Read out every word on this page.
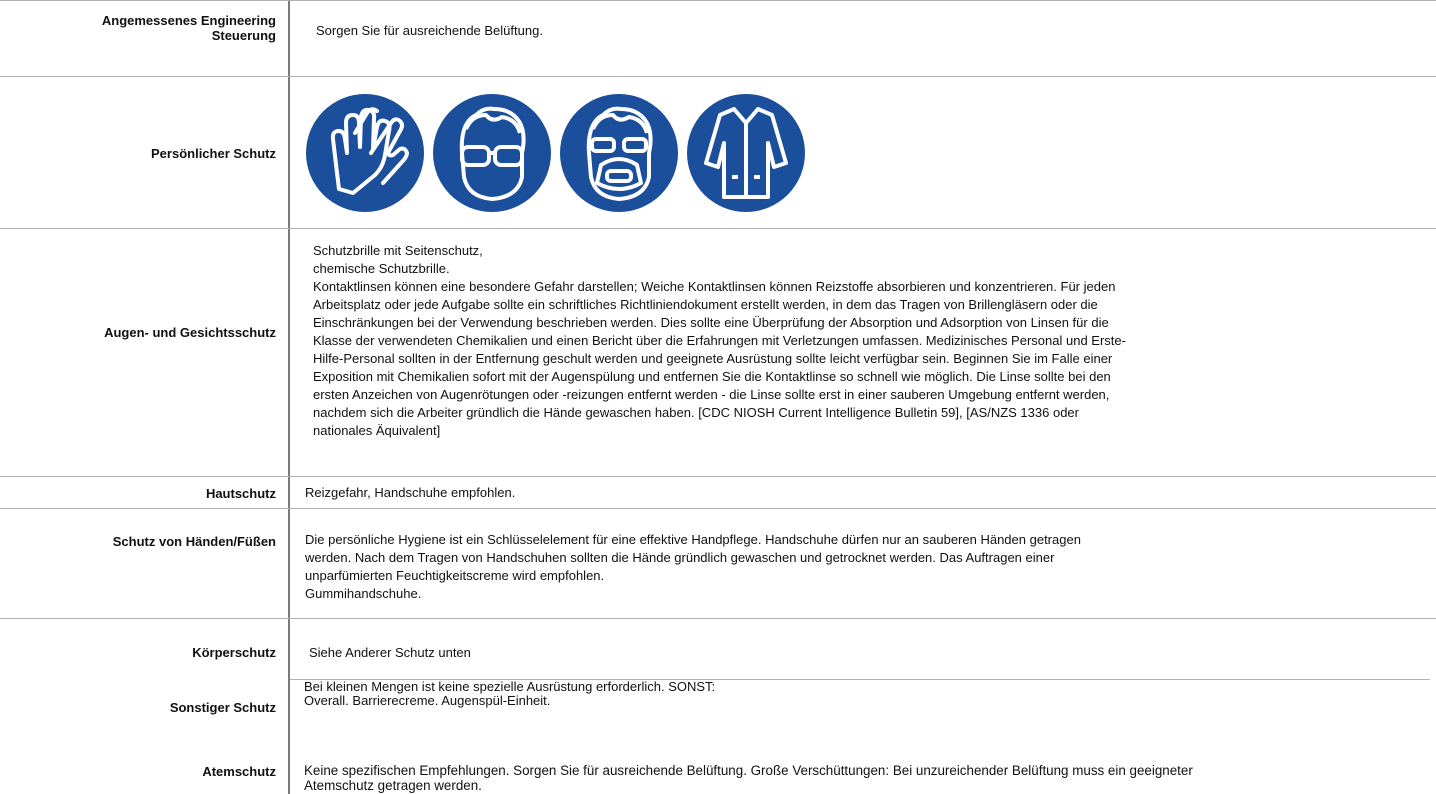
Angemessenes Engineering
Steuerung	Sorgen Sie für ausreichende Belüftung.
Persönlicher Schutz
Augen- und Gesichtsschutz
Schutzbrille mit Seitenschutz,
chemische Schutzbrille.
Kontaktlinsen können eine besondere Gefahr darstellen; Weiche Kontaktlinsen können Reizstoffe absorbieren und konzentrieren. Für jeden
Arbeitsplatz oder jede Aufgabe sollte ein schriftliches Richtliniendokument erstellt werden, in dem das Tragen von Brillengläsern oder die
Einschränkungen bei der Verwendung beschrieben werden. Dies sollte eine Überprüfung der Absorption und Adsorption von Linsen für die
Klasse der verwendeten Chemikalien und einen Bericht über die Erfahrungen mit Verletzungen umfassen. Medizinisches Personal und Erste-
Hilfe-Personal sollten in der Entfernung geschult werden und geeignete Ausrüstung sollte leicht verfügbar sein. Beginnen Sie im Falle einer
Exposition mit Chemikalien sofort mit der Augenspülung und entfernen Sie die Kontaktlinse so schnell wie möglich. Die Linse sollte bei den
ersten Anzeichen von Augenrötungen oder -reizungen entfernt werden - die Linse sollte erst in einer sauberen Umgebung entfernt werden,
nachdem sich die Arbeiter gründlich die Hände gewaschen haben. [CDC NIOSH Current Intelligence Bulletin 59], [AS/NZS 1336 oder
nationales Äquivalent]
Hautschutz Reizgefahr, Handschuhe empfohlen.
Schutz von Händen/Füßen Die persönliche Hygiene ist ein Schlüsselelement für eine effektive Handpflege. Handschuhe dürfen nur an sauberen Händen getragen
werden. Nach dem Tragen von Handschuhen sollten die Hände gründlich gewaschen und getrocknet werden. Das Auftragen einer
unparfümierten Feuchtigkeitscreme wird empfohlen.
Gummihandschuhe.
Körperschutz	Siehe Anderer Schutz unten
Sonstiger Schutz
Bei kleinen Mengen ist keine spezielle Ausrüstung erforderlich. SONST:
Overall. Barrierecreme. Augenspül-Einheit.
Atemschutz Keine spezifischen Empfehlungen. Sorgen Sie für ausreichende Belüftung. Große Verschüttungen: Bei unzureichender Belüftung muss ein geeigneter
Atemschutz getragen werden.
